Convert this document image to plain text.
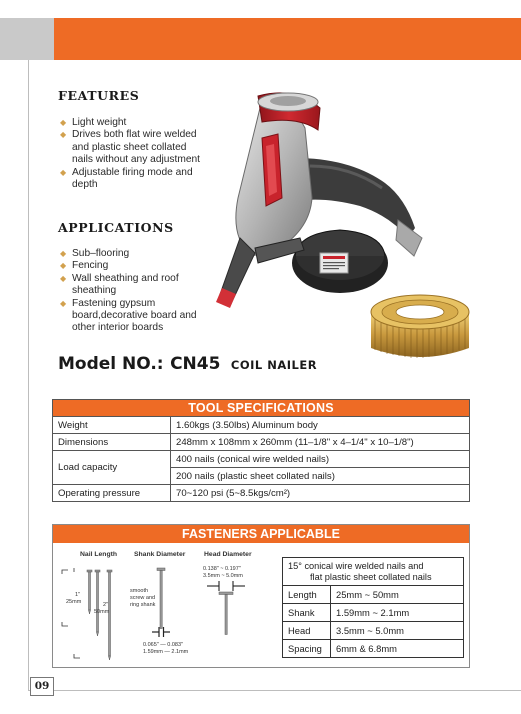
FEATURES
◆ Light weight
◆ Drives both flat wire welded and plastic sheet collated nails without any adjustment
◆ Adjustable firing mode and depth
APPLICATIONS
◆ Sub–flooring
◆ Fencing
◆ Wall sheathing and roof sheathing
◆ Fastening gypsum board,decorative board and other interior boards
Model NO.: CN45 COIL NAILER
TOOL SPECIFICATIONS	
Weight	1.60kgs (3.50lbs) Aluminum body
Dimensions	248mm x 108mm x 260mm (11–1/8" x 4–1/4" x 10–1/8")
Load capacity	400 nails (conical wire welded nails)
	200 nails (plastic sheet collated nails)
Operating pressure	70~120 psi (5~8.5kgs/cm²)
FASTENERS APPLICABLE
Nail Length Shank Diameter	Head Diameter
1"
25mm	2"
50mm
smooth
screw and
ring shank
0.065" — 0.083"
1.59mm — 2.1mm
0.138" ~ 0.197"
3.5mm ~ 5.0mm
15° conical wire welded nails and
flat plastic sheet collated nails	

Length	25mm ~ 50mm
Shank	1.59mm ~ 2.1mm
Head	3.5mm ~ 5.0mm
Spacing	6mm & 6.8mm
09
